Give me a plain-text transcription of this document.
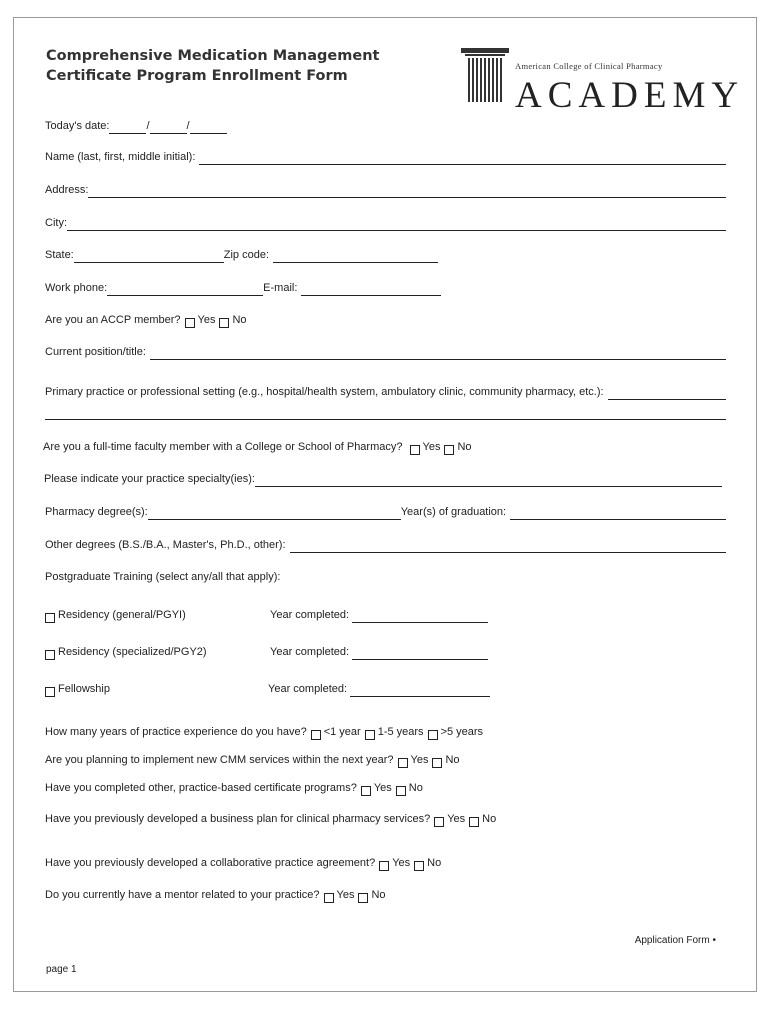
Comprehensive Medication Management
Certificate Program Enrollment Form
American College of Clinical Pharmacy
ACADEMY
Today's date:	/	/
Name (last, first, middle initial):
Address:
City:
State:	Zip code:
Work phone:	E-mail:
Are you an ACCP member? Yes No
Current position/title:
Primary practice or professional setting (e.g., hospital/health system, ambulatory clinic, community pharmacy, etc.):
Are you a full-time faculty member with a College or School of Pharmacy? Yes No
Please indicate your practice specialty(ies):
Pharmacy degree(s):	Year(s) of graduation:
Other degrees (B.S./B.A., Master's, Ph.D., other):
Postgraduate Training (select any/all that apply):
Residency (general/PGYI)	Year completed:
Residency (specialized/PGY2)	Year completed:
Fellowship	Year completed:
How many years of practice experience do you have? <1 year 1-5 years >5 years
Are you planning to implement new CMM services within the next year? Yes No
Have you completed other, practice-based certificate programs? Yes No
Have you previously developed a business plan for clinical pharmacy services? Yes No
Have you previously developed a collaborative practice agreement? Yes No
Do you currently have a mentor related to your practice? Yes No
Application Form •
page 1
